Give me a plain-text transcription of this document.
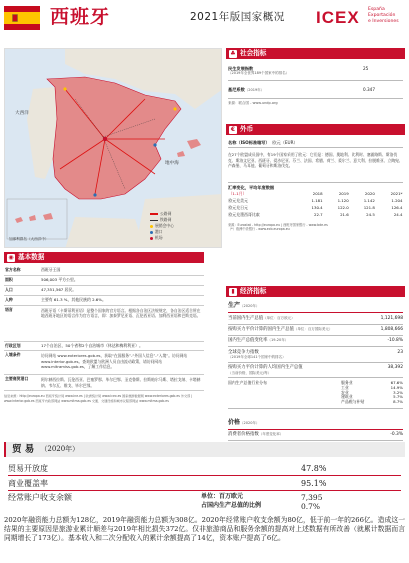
西班牙	2021年版国家概况 ICEX España
Exportación
e Inversiones
大西洋
地中海
加那利群岛（大西洋中）
公路网
铁路网
展销会中心
港口
机场
♣ 社会指标
民生发展指数
（2019年全世界189个国家中的排名）
25
基尼系数（2019年）	0.347
来源：联合国 - www.undp.org
€ 外币
名称（ISO标准缩写） 欧元（EUR）
在27个欧盟成员国中，有19个国家采用了欧元：它们是：德国、奥地利、比利时、塞浦路斯、斯洛伐克、斯洛文尼亚、西班牙、爱沙尼亚、芬兰、法国、希腊、荷兰、爱尔兰、意大利、拉脱维亚、立陶宛、卢森堡、马耳他、葡萄牙和斯洛伐克。
汇率变化，平均年度数据
（1-1月）	2018	2019	2020	2021*
欧元兑美元	1.181	1.120	1.142	1.204
欧元兑日元	130.4	122.0	121.8	126.4
欧元兑墨西哥比索	22.7	21.6	24.5	24.4
来源：Eurostat - http://europa.eu | 西班牙国家银行 - www.bde.es
（*）欧洲中央银行 - www.ecb.europa.eu
◉ 基本数据
官方名称	西班牙王国
面积	506,003 平方公里。
人口	47,351,567 居民。
人种	主要有 61.3 %，其他民族约 2.6%。
语言	西班牙语（卡斯蒂利亚语）是整个国家的官方语言。根据各自治区法规规定，各自治区适合所在地西班牙地区的语言作为官方语言，即：加泰罗尼亚语、瓦伦西亚语、加利西亚语和巴斯克语。
行政区划	17个自治区、50个省和2个自治城市（休达和梅利利亚）。
入境条件	访问网站 www.exteriores.gob.es，获取“在国服务”-“外国人信息”-“入境”。访问网站 www.interior.gob.es。查询欧盟与欧洲人员自由流动政策，请访问网站 www.mitramiss.gob.es，了解工作信息。
主要商贸港口	阿尔赫西拉斯、瓦伦西亚、巴塞罗那、毕尔巴鄂、圣克鲁斯、拉斯帕尔马斯、塔拉戈纳、卡塔赫纳、韦尔瓦、维戈、毕尔巴鄂。
信息来源：http://europa.eu 西班牙统计局 www.ine.es | 欧洲统计局 www.icex.es 国家旅游数据网 www.exteriores.gob.es 外交部 | www.interior.gob.es 西班牙内政部网站 www.mitma.gob.es 交通、交通设施和城市议程部网站 www.mitma.gob.es
▮ 经济指标
生产（2020年）
当前国内生产总值（单位：百万欧元）	1,121,698
按购买力平价计算的国内生产总值（单位：百万国际美元）	1,808,666
国内生产总值变化率（19-20年）	-10.8%
全球竞争力指数
（2019年全球141个国家中的排名）
23
按购买力平价计算的人均国内生产总值
（当前价格，国际美元/每）
38,392
国内生产总值行业分布	服务业	67.6%
工业	14.9%
农业	3.2%
建筑业	5.7%
产品税与补贴	8.7%
价格（2020年）
消费者价格指数（年度变化率）	-0.3%
贸 易
（2020年）
贸易开放度	47.8%
商业覆盖率	95.1%
经常账户收支余额	单位：百万欧元	7,395
占国内生产总值的比例	0.7%
2020年融资能力总额为128亿，2019年融资能力总额为308亿。2020年经常账户收支余额为80亿，低于前一年的266亿。造成这一结果的主要原因是旅游业累计顺差与2019年相比损失372亿。仅非旅游商品和服务余额的提高对上述数据有所改善（就累计数据而言同期增长了173亿）。基本收入和二次分配收入的累计余额提高了14亿，资本账户提高了6亿。
